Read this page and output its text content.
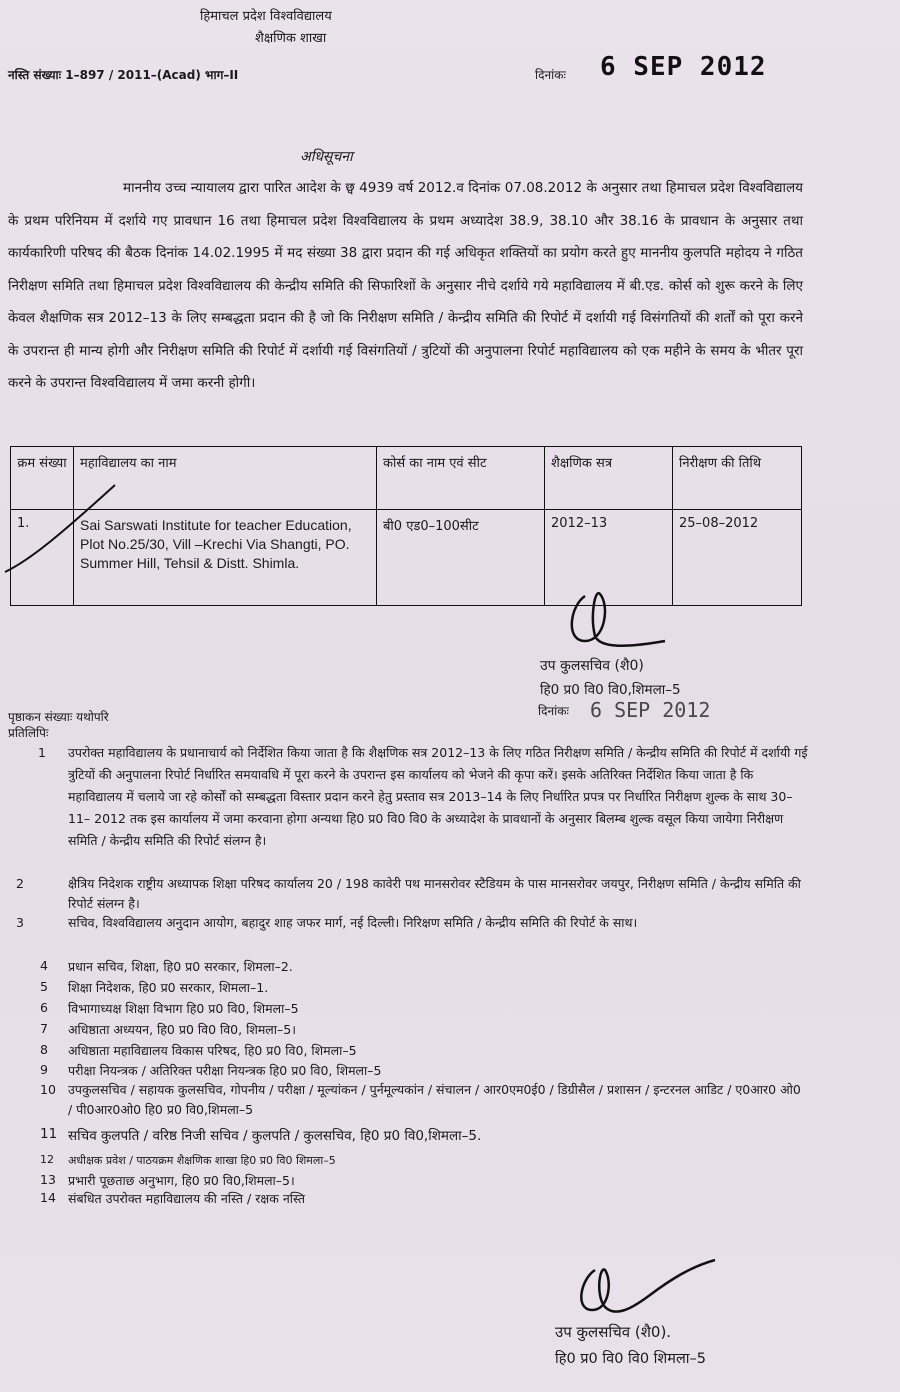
हिमाचल प्रदेश विश्वविद्यालय
शैक्षणिक शाखा
नस्ति संख्याः 1–897 / 2011–(Acad) भाग–II	दिनांकः 6 SEP 2012
अधिसूचना

माननीय उच्च न्यायालय द्वारा पारित आदेश के छ्व 4939 वर्ष 2012.व दिनांक 07.08.2012 के अनुसार तथा हिमाचल प्रदेश विश्वविद्यालय के प्रथम परिनियम में दर्शाये गए प्रावधान 16 तथा हिमाचल प्रदेश विश्वविद्यालय के प्रथम अध्यादेश 38.9, 38.10 और 38.16 के प्रावधान के अनुसार तथा कार्यकारिणी परिषद की बैठक दिनांक 14.02.1995 में मद संख्या 38 द्वारा प्रदान की गई अधिकृत शक्तियों का प्रयोग करते हुए माननीय कुलपति महोदय ने गठित निरीक्षण समिति तथा हिमाचल प्रदेश विश्वविद्यालय की केन्द्रीय समिति की सिफारिशों के अनुसार नीचे दर्शाये गये महाविद्यालय में बी.एड. कोर्स को शुरू करने के लिए केवल शैक्षणिक सत्र 2012–13 के लिए सम्बद्धता प्रदान की है जो कि निरीक्षण समिति / केन्द्रीय समिति की रिपोर्ट में दर्शायी गई विसंगतियों की शर्तों को पूरा करने के उपरान्त ही मान्य होगी और निरीक्षण समिति की रिपोर्ट में दर्शायी गई विसंगतियों / त्रुटियों की अनुपालना रिपोर्ट महाविद्यालय को एक महीने के समय के भीतर पूरा करने के उपरान्त विश्वविद्यालय में जमा करनी होगी।

क्रम संख्या	महाविद्यालय का नाम	कोर्स का नाम एवं सीट	शैक्षणिक सत्र	निरीक्षण की तिथि
1.	Sai Sarswati Institute for teacher Education, Plot No.25/30, Vill –Krechi Via Shangti, PO. Summer Hill, Tehsil & Distt. Shimla.	बी0 एड0–100सीट	2012–13	25–08–2012
उप कुलसचिव (शै0)
हि0 प्र0 वि0 वि0,शिमला–5
दिनांकः 6 SEP 2012
पृष्ठाकन संख्याः यथोपरि
प्रतिलिपिः
1 उपरोक्त महाविद्यालय के प्रधानाचार्य को निर्देशित किया जाता है कि शैक्षणिक सत्र 2012–13 के लिए गठित निरीक्षण समिति / केन्द्रीय समिति की रिपोर्ट में दर्शायी गई त्रुटियों की अनुपालना रिपोर्ट निर्धारित समयावधि में पूरा करने के उपरान्त इस कार्यालय को भेजने की कृपा करें। इसके अतिरिक्त निर्देशित किया जाता है कि महाविद्यालय में चलाये जा रहे कोर्सों को सम्बद्धता विस्तार प्रदान करने हेतु प्रस्ताव सत्र 2013–14 के लिए निर्धारित प्रपत्र पर निर्धारित निरीक्षण शुल्क के साथ 30–11– 2012 तक इस कार्यालय में जमा करवाना होगा अन्यथा हि0 प्र0 वि0 वि0 के अध्यादेश के प्रावधानों के अनुसार बिलम्ब शुल्क वसूल किया जायेगा निरीक्षण समिति / केन्द्रीय समिति की रिपोर्ट संलग्न है।
2	क्षैत्रिय निदेशक राष्ट्रीय अध्यापक शिक्षा परिषद कार्यालय 20 / 198 कावेरी पथ मानसरोवर स्टैडियम के पास मानसरोवर जयपुर, निरीक्षण समिति / केन्द्रीय समिति की रिपोर्ट संलग्न है।
3	सचिव, विश्वविद्यालय अनुदान आयोग, बहादुर शाह जफर मार्ग, नई दिल्ली। निरिक्षण समिति / केन्द्रीय समिति की रिपोर्ट के साथ।
4 प्रधान सचिव, शिक्षा, हि0 प्र0 सरकार, शिमला–2.
5 शिक्षा निदेशक, हि0 प्र0 सरकार, शिमला–1.
6 विभागाध्यक्ष शिक्षा विभाग हि0 प्र0 वि0, शिमला–5
7 अधिष्ठाता अध्ययन, हि0 प्र0 वि0 वि0, शिमला–5।
8 अधिष्ठाता महाविद्यालय विकास परिषद, हि0 प्र0 वि0, शिमला–5
9 परीक्षा नियन्त्रक / अतिरिक्त परीक्षा नियन्त्रक हि0 प्र0 वि0, शिमला–5
10 उपकुलसचिव / सहायक कुलसचिव, गोपनीय / परीक्षा / मूल्यांकन / पुर्नमूल्यकांन / संचालन / आर0एम0ई0 / डिग्रीसैल / प्रशासन / इन्टरनल आडिट / ए0आर0 ओ0 / पी0आर0ओ0 हि0 प्र0 वि0,शिमला–5
11 सचिव कुलपति / वरिष्ठ निजी सचिव / कुलपति / कुलसचिव, हि0 प्र0 वि0,शिमला–5.
12 अधीक्षक प्रवेश / पाठयक्रम शैक्षणिक शाखा हि0 प्र0 वि0 शिमला–5
13 प्रभारी पूछताछ अनुभाग, हि0 प्र0 वि0,शिमला–5।
14 संबधित उपरोक्त महाविद्यालय की नस्ति / रक्षक नस्ति
उप कुलसचिव (शै0).
हि0 प्र0 वि0 वि0 शिमला–5
